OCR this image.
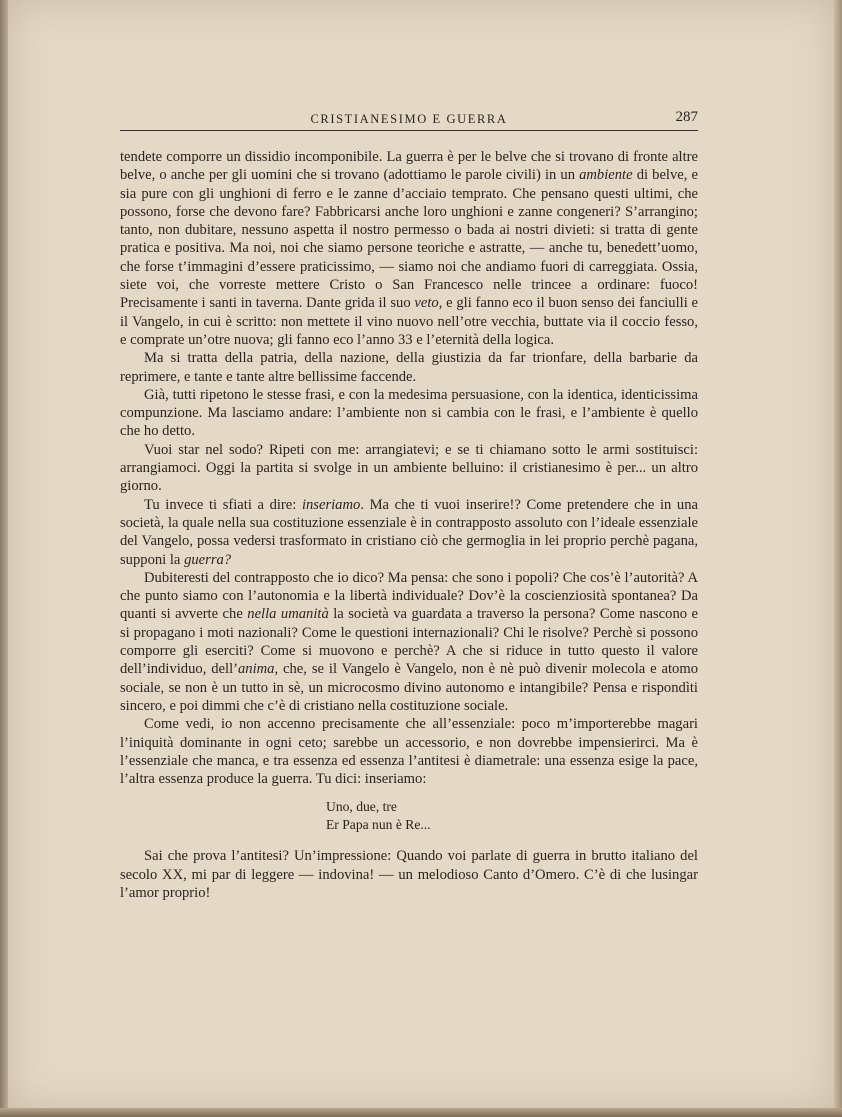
CRISTIANESIMO E GUERRA	287

tendete comporre un dissidio incomponibile. La guerra è per le belve che si trovano di fronte altre belve, o anche per gli uomini che si trovano (adottiamo le parole civili) in un ambiente di belve, e sia pure con gli unghioni di ferro e le zanne d’acciaio temprato. Che pensano questi ultimi, che possono, forse che devono fare? Fabbricarsi anche loro unghioni e zanne congeneri? S’arrangino; tanto, non dubitare, nessuno aspetta il nostro permesso o bada ai nostri divieti: si tratta di gente pratica e positiva. Ma noi, noi che siamo persone teoriche e astratte, — anche tu, benedett’uomo, che forse t’immagini d’essere praticissimo, — siamo noi che andiamo fuori di carreggiata. Ossia, siete voi, che vorreste mettere Cristo o San Francesco nelle trincee a ordinare: fuoco! Precisamente i santi in taverna. Dante grida il suo veto, e gli fanno eco il buon senso dei fanciulli e il Vangelo, in cui è scritto: non mettete il vino nuovo nell’otre vecchia, buttate via il coccio fesso, e comprate un’otre nuova; gli fanno eco l’anno 33 e l’eternità della logica.

Ma si tratta della patria, della nazione, della giustizia da far trionfare, della barbarie da reprimere, e tante e tante altre bellissime faccende.

Già, tutti ripetono le stesse frasi, e con la medesima persuasione, con la identica, identicissima compunzione. Ma lasciamo andare: l’ambiente non si cambia con le frasi, e l’ambiente è quello che ho detto.

Vuoi star nel sodo? Ripeti con me: arrangiatevi; e se ti chiamano sotto le armi sostituisci: arrangiamoci. Oggi la partita si svolge in un ambiente belluino: il cristianesimo è per... un altro giorno.

Tu invece ti sfiati a dire: inseriamo. Ma che ti vuoi inserire!? Come pretendere che in una società, la quale nella sua costituzione essenziale è in contrapposto assoluto con l’ideale essenziale del Vangelo, possa vedersi trasformato in cristiano ciò che germoglia in lei proprio perchè pagana, supponi la guerra?

Dubiteresti del contrapposto che io dico? Ma pensa: che sono i popoli? Che cos’è l’autorità? A che punto siamo con l’autonomia e la libertà individuale? Dov’è la coscienziosità spontanea? Da quanti si avverte che nella umanità la società va guardata a traverso la persona? Come nascono e si propagano i moti nazionali? Come le questioni internazionali? Chi le risolve? Perchè si possono comporre gli eserciti? Come si muovono e perchè? A che si riduce in tutto questo il valore dell’individuo, dell’anima, che, se il Vangelo è Vangelo, non è nè può divenir molecola e atomo sociale, se non è un tutto in sè, un microcosmo divino autonomo e intangibile? Pensa e rispondìti sincero, e poi dimmi che c’è di cristiano nella costituzione sociale.

Come vedi, io non accenno precisamente che all’essenziale: poco m’importerebbe magari l’iniquità dominante in ogni ceto; sarebbe un accessorio, e non dovrebbe impensierirci. Ma è l’essenziale che manca, e tra essenza ed essenza l’antitesi è diametrale: una essenza esige la pace, l’altra essenza produce la guerra. Tu dici: inseriamo:

Uno, due, tre
Er Papa nun è Re...

Sai che prova l’antitesi? Un’impressione: Quando voi parlate di guerra in brutto italiano del secolo XX, mi par di leggere — indovina! — un melodioso Canto d’Omero. C’è di che lusingar l’amor proprio!
